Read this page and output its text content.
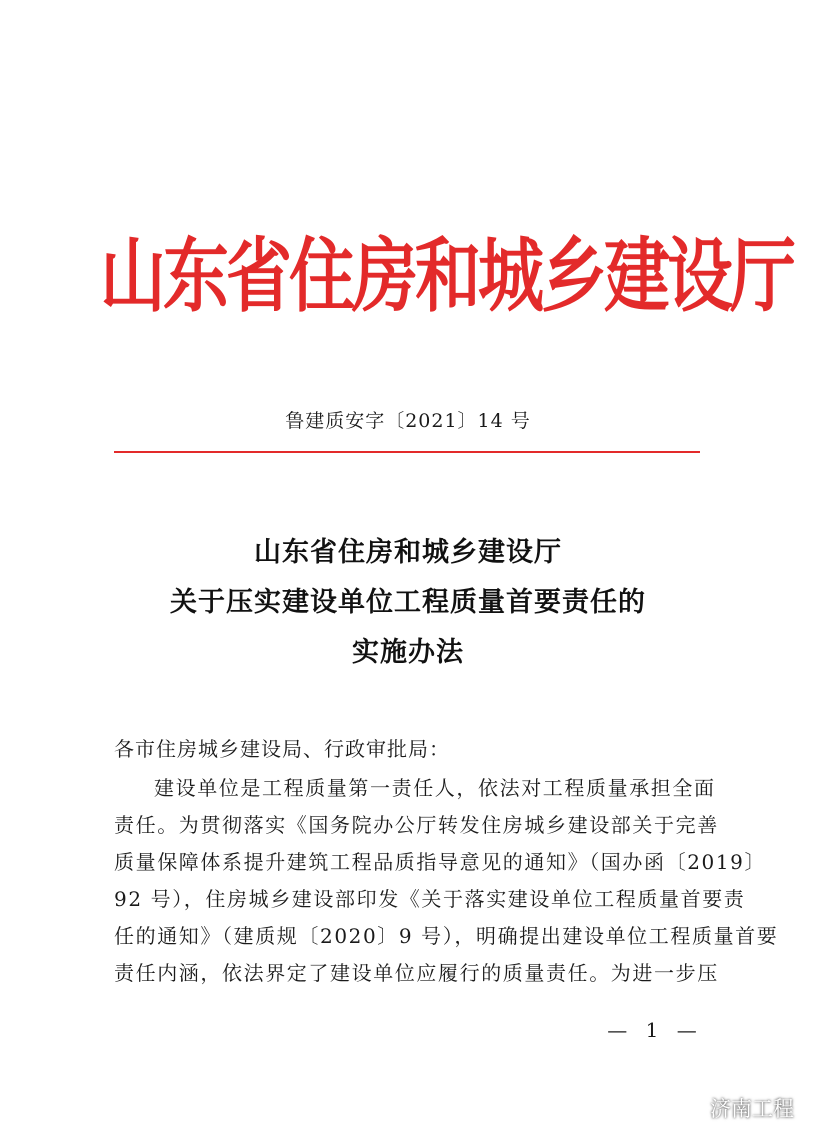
山东省住房和城乡建设厅
鲁建质安字〔2021〕14 号
山东省住房和城乡建设厅
关于压实建设单位工程质量首要责任的
实施办法
各市住房城乡建设局、行政审批局：
建设单位是工程质量第一责任人，依法对工程质量承担全面
责任。为贯彻落实《国务院办公厅转发住房城乡建设部关于完善
质量保障体系提升建筑工程品质指导意见的通知》（国办函〔2019〕
92 号），住房城乡建设部印发《关于落实建设单位工程质量首要责
任的通知》（建质规〔2020〕9 号），明确提出建设单位工程质量首要
责任内涵，依法界定了建设单位应履行的质量责任。为进一步压
— 1 —
济南工程
